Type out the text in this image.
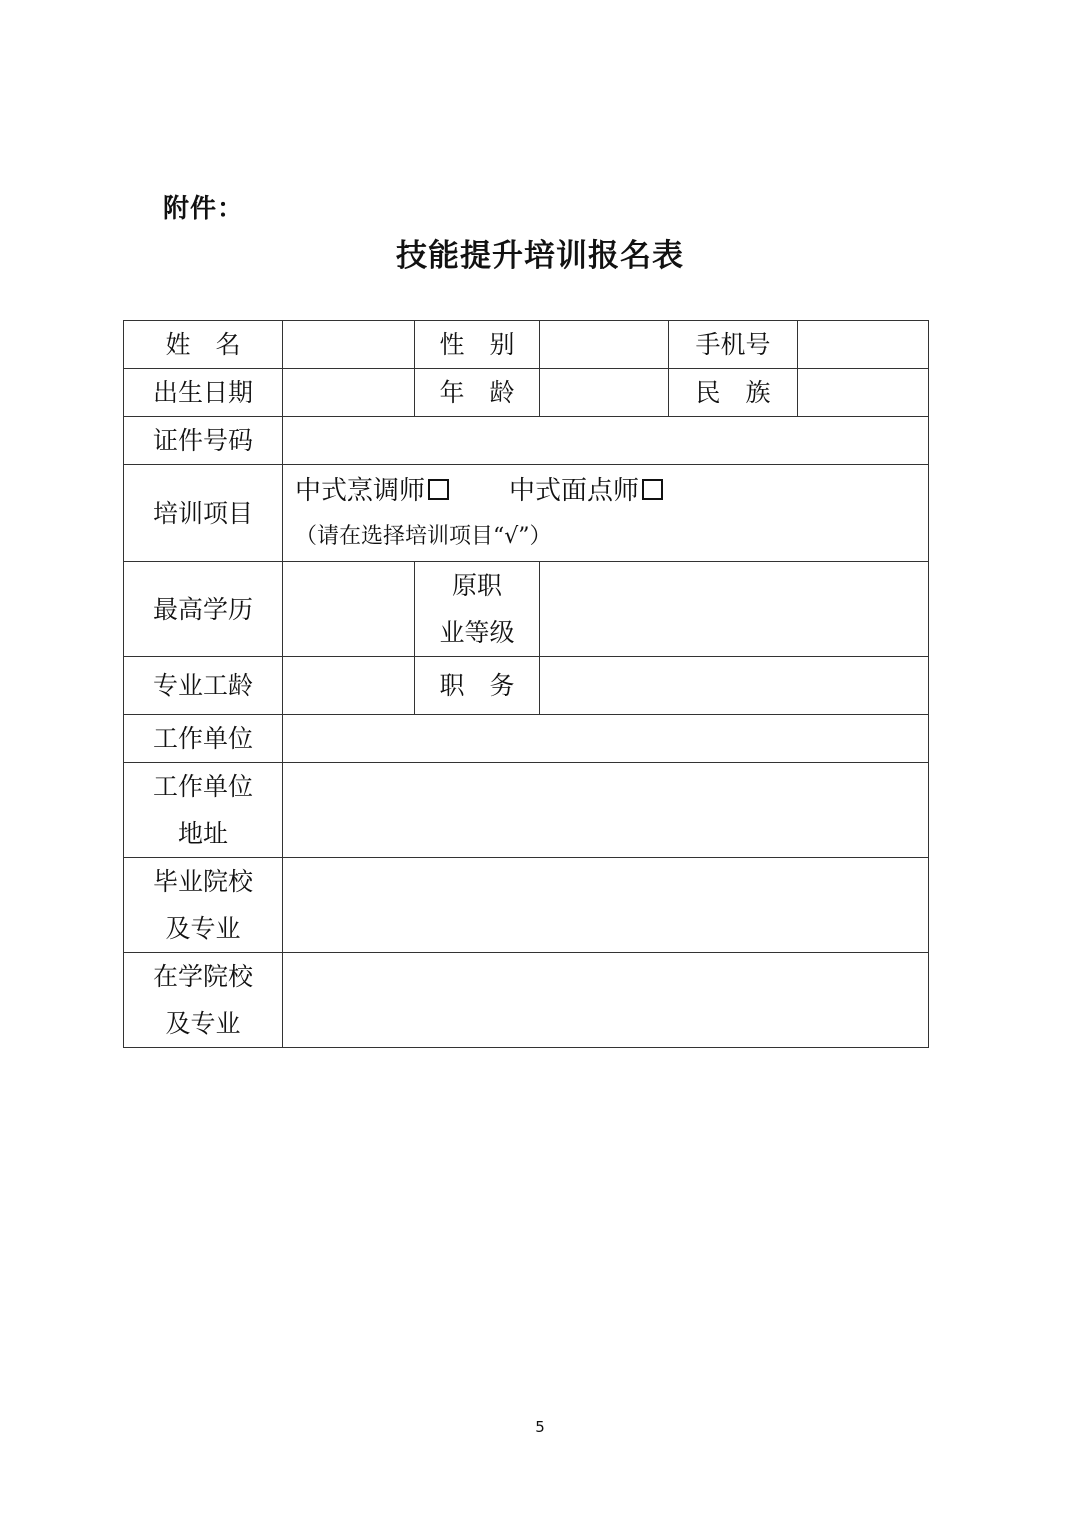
附件：
技能提升培训报名表
姓　名		性　别		手机号	
出生日期		年　龄		民　族	
证件号码					
培训项目	中式烹调师 中式面点师
（请在选择培训项目“√”）				

最高学历		原职
业等级			

专业工龄		职　务			
工作单位					

工作单位
地址					

毕业院校
及专业					

在学院校
及专业					

5
